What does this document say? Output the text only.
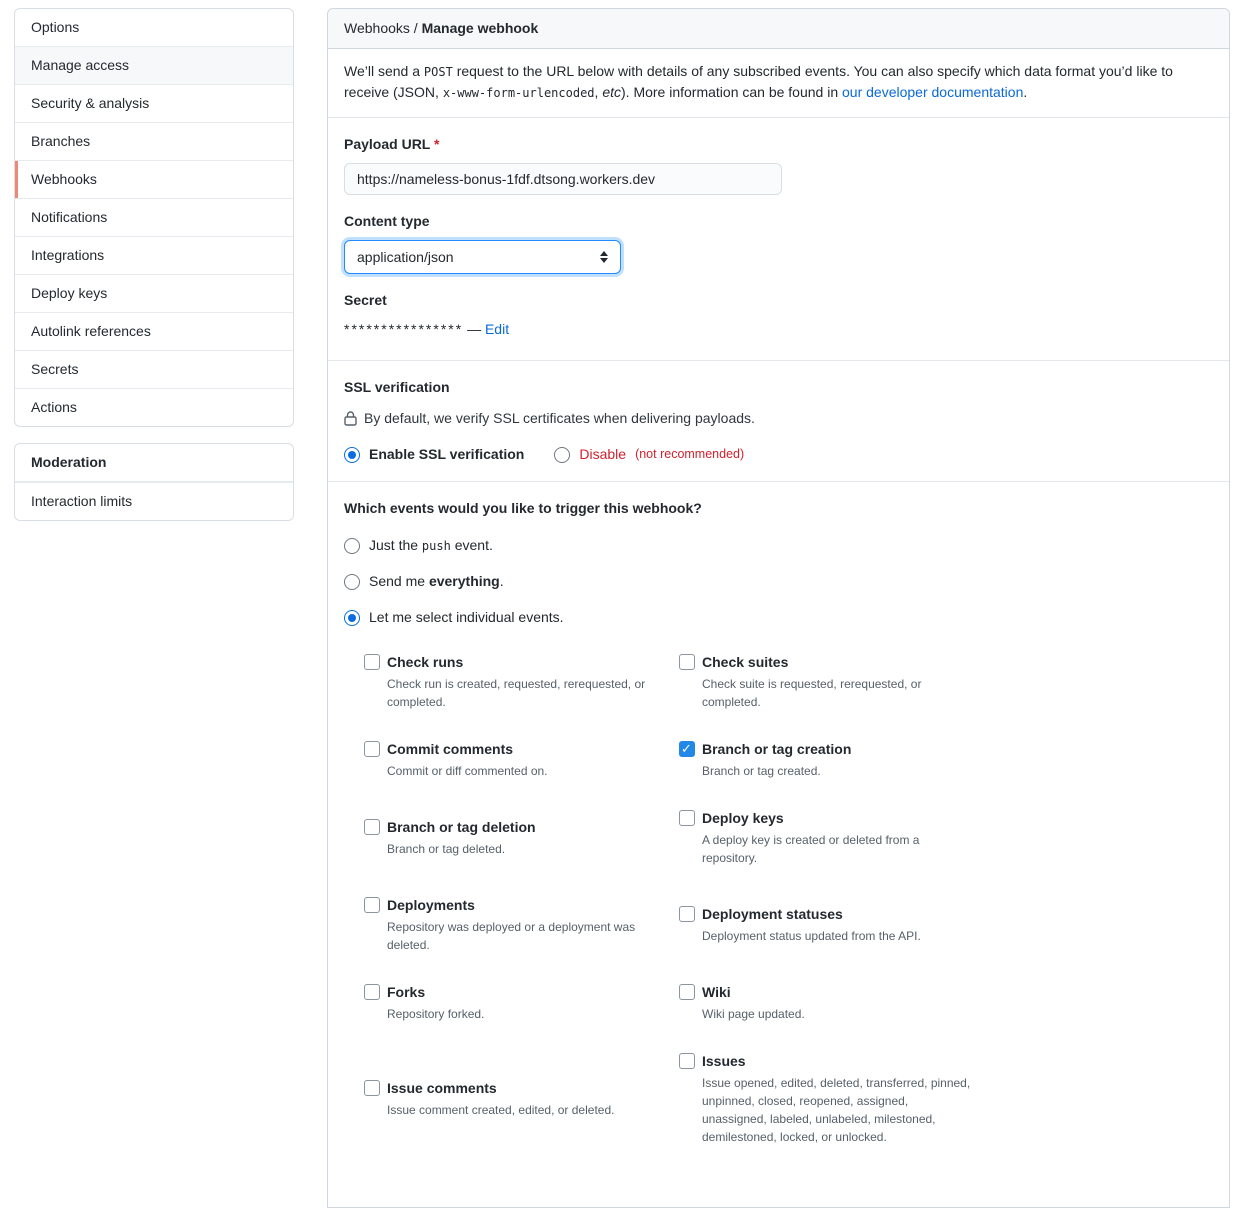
Options
Manage access
Security & analysis
Branches
Webhooks
Notifications
Integrations
Deploy keys
Autolink references
Secrets
Actions
Moderation
Interaction limits
Webhooks / Manage webhook

We’ll send a POST request to the URL below with details of any subscribed events. You can also specify which data format you’d like to receive (JSON, x-www-form-urlencoded, etc). More information can be found in our developer documentation.

Payload URL *
https://nameless-bonus-1fdf.dtsong.workers.dev
Content type
application/json
Secret
**************** — Edit
SSL verification

By default, we verify SSL certificates when delivering payloads.

Enable SSL verification	Disable (not recommended)
Which events would you like to trigger this webhook?
Just the push event.
Send me everything.
Let me select individual events.
Check runs
Check run is created, requested, rerequested, or completed.
Check suites
Check suite is requested, rerequested, or completed.
Commit comments
Commit or diff commented on.
✓ Branch or tag creation
Branch or tag created.
Branch or tag deletion
Branch or tag deleted.
Deploy keys
A deploy key is created or deleted from a repository.
Deployments
Repository was deployed or a deployment was deleted.
Deployment statuses
Deployment status updated from the API.
Forks
Repository forked.
Wiki
Wiki page updated.
Issue comments
Issue comment created, edited, or deleted.
Issues
Issue opened, edited, deleted, transferred, pinned, unpinned, closed, reopened, assigned, unassigned, labeled, unlabeled, milestoned, demilestoned, locked, or unlocked.
